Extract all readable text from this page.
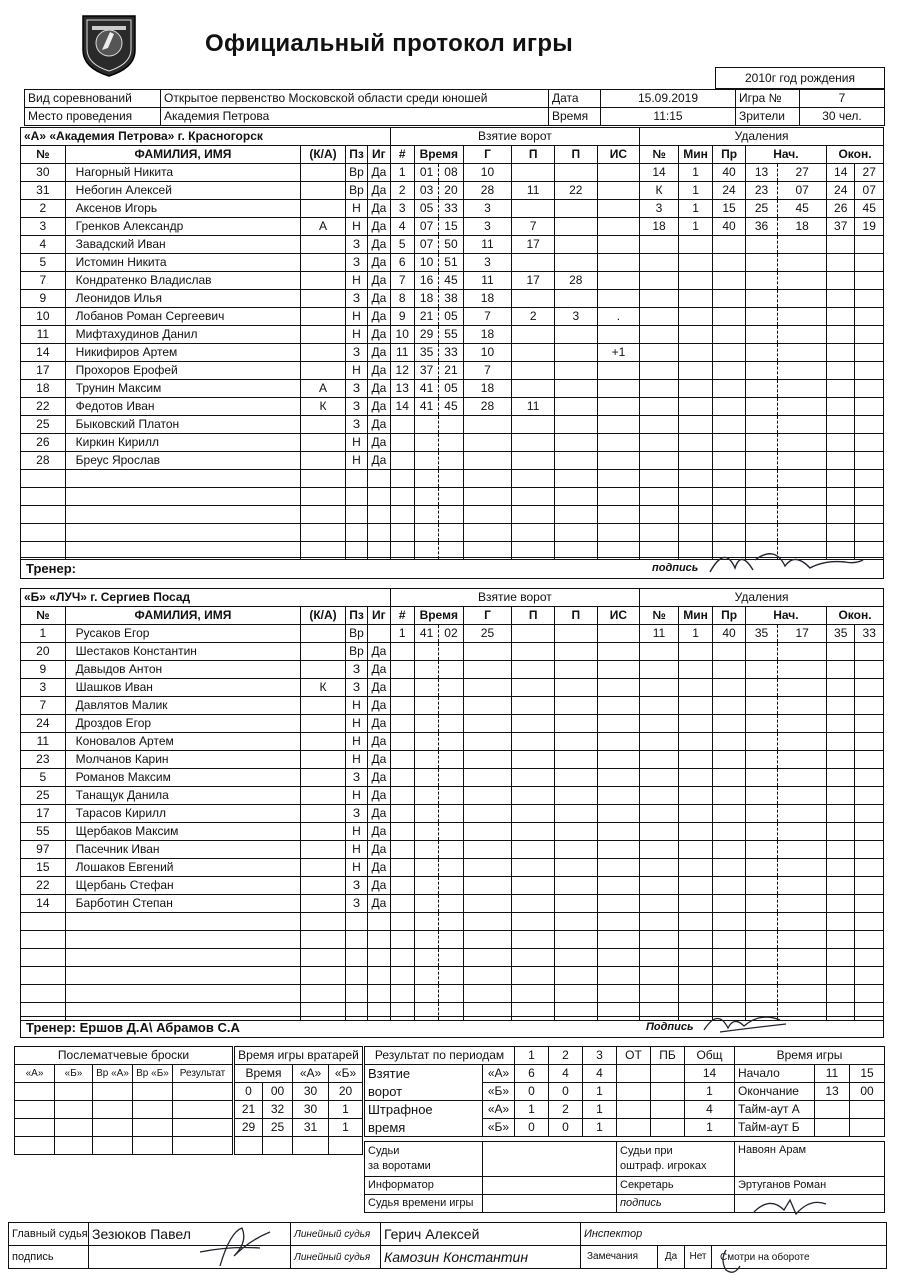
Официальный протокол игры
2010г год рождения
Вид соревнований	Открытое первенство Московской области среди юношей	Дата	15.09.2019	Игра №	7
Место проведения	Академия Петрова	Время	11:15	Зрители	30 чел.
«А» «Академия Петрова» г. Красногорск					Взятие ворот							Удаления						
№	ФАМИЛИЯ, ИМЯ	(К/А)	Пз	Иг	#	Время		Г	П	П	ИС	№	Мин	Пр	Нач.		Окон.	
30	Нагорный Никита		Вр	Да	1	01	08	10				14	1	40	13	27	14	27
31	Небогин Алексей		Вр	Да	2	03	20	28	11	22		К	1	24	23	07	24	07
2	Аксенов Игорь		Н	Да	3	05	33	3				3	1	15	25	45	26	45
3	Гренков Александр	А	Н	Да	4	07	15	3	7			18	1	40	36	18	37	19
4	Завадский Иван		З	Да	5	07	50	11	17									
5	Истомин Никита		З	Да	6	10	51	3										
7	Кондратенко Владислав		Н	Да	7	16	45	11	17	28								
9	Леонидов Илья		З	Да	8	18	38	18										
10	Лобанов Роман Сергеевич		Н	Да	9	21	05	7	2	3	.							
11	Мифтахудинов Данил		Н	Да	10	29	55	18										
14	Никифиров Артем		З	Да	11	35	33	10			+1							
17	Прохоров Ерофей		Н	Да	12	37	21	7										
18	Трунин Максим	А	З	Да	13	41	05	18										
22	Федотов Иван	К	З	Да	14	41	45	28	11									
25	Быковский Платон		З	Да														
26	Киркин Кирилл		Н	Да														
28	Бреус Ярослав		Н	Да														

Тренер:	подпись
«Б» «ЛУЧ» г. Сергиев Посад					Взятие ворот							Удаления						
№	ФАМИЛИЯ, ИМЯ	(К/А)	Пз	Иг	#	Время		Г	П	П	ИС	№	Мин	Пр	Нач.		Окон.	
1	Русаков Егор		Вр		1	41	02	25				11	1	40	35	17	35	33
20	Шестаков Константин		Вр	Да														
9	Давыдов Антон		З	Да														
3	Шашков Иван	К	З	Да														
7	Давлятов Малик		Н	Да														
24	Дроздов Егор		Н	Да														
11	Коновалов Артем		Н	Да														
23	Молчанов Карин		Н	Да														
5	Романов Максим		З	Да														
25	Танащук Данила		Н	Да														
17	Тарасов Кирилл		З	Да														
55	Щербаков Максим		Н	Да														
97	Пасечник Иван		Н	Да														
15	Лошаков Евгений		Н	Да														
22	Щербань Стефан		З	Да														
14	Барботин Степан		З	Да														

Тренер: Ершов Д.А\ Абрамов С.А	Подпись
Послематчевые броски				
«А»	«Б»	Вр «А»	Вр «Б»	Результат

Время игры вратарей			
Время		«А»	«Б»
0	00	30	20
21	32	30	1
29	25	31	1

Результат по периодам		1	2	3	ОТ	ПБ	Общ
Взятие	«А»	6	4	4			14
ворот	«Б»	0	0	1			1
Штрафное	«А»	1	2	1			4
время	«Б»	0	0	1			1
Время игры		
Начало	11	15
Окончание	13	00
Тайм-аут А		
Тайм-аут Б		
Судьи
за воротами		Судьи при
оштраф. игроках	Навоян Арам
Информатор		Секретарь	Эртуганов Роман
Судья времени игры		подпись	
Главный судья	Зезюков Павел	Линейный судья	Герич Алексей	Инспектор
подпись		Линейный судья	Камозин Константин	Замечания Да Нет Смотри на обороте
